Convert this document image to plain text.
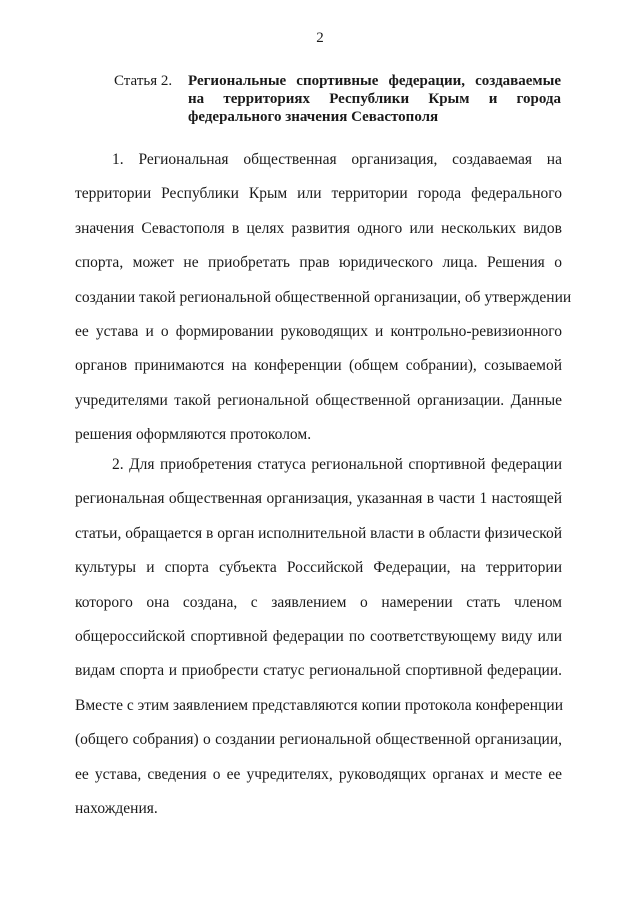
2
Статья 2. Региональные спортивные федерации, создаваемые
на территориях Республики Крым и города
федерального значения Севастополя
1. Региональная общественная организация, создаваемая на
территории Республики Крым или территории города федерального
значения Севастополя в целях развития одного или нескольких видов
спорта, может не приобретать прав юридического лица. Решения о
создании такой региональной общественной организации, об утверждении
ее устава и о формировании руководящих и контрольно-ревизионного
органов принимаются на конференции (общем собрании), созываемой
учредителями такой региональной общественной организации. Данные
решения оформляются протоколом.
2. Для приобретения статуса региональной спортивной федерации
региональная общественная организация, указанная в части 1 настоящей
статьи, обращается в орган исполнительной власти в области физической
культуры и спорта субъекта Российской Федерации, на территории
которого она создана, с заявлением о намерении стать членом
общероссийской спортивной федерации по соответствующему виду или
видам спорта и приобрести статус региональной спортивной федерации.
Вместе с этим заявлением представляются копии протокола конференции
(общего собрания) о создании региональной общественной организации,
ее устава, сведения о ее учредителях, руководящих органах и месте ее
нахождения.
